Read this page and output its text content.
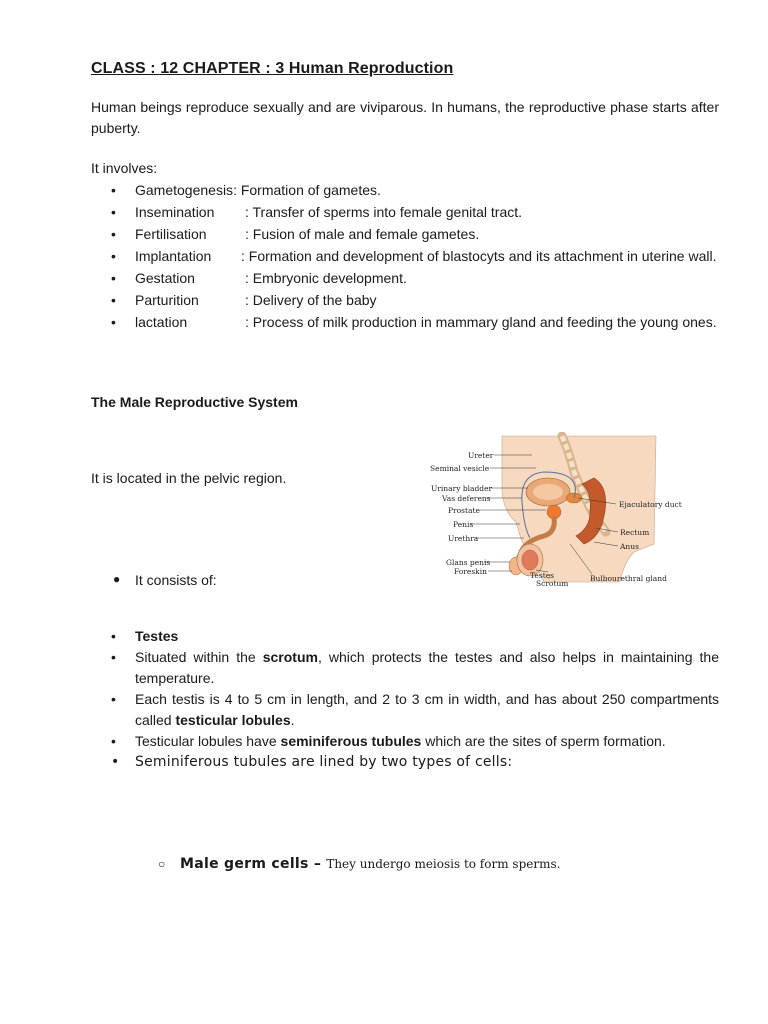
CLASS : 12 CHAPTER : 3 Human Reproduction
Human beings reproduce sexually and are viviparous. In humans, the reproductive phase starts after puberty.
It involves:
• Gametogenesis: Formation of gametes.
• Insemination : Transfer of sperms into female genital tract.
• Fertilisation	: Fusion of male and female gametes.
• Implantation : Formation and development of blastocyts and its attachment in uterine wall.
• Gestation	: Embryonic development.
• Parturition	: Delivery of the baby
• lactation	: Process of milk production in mammary gland and feeding the young ones.
The Male Reproductive System
It is located in the pelvic region.
Ureter
Seminal vesicle
Urinary bladder
Vas deferens
Prostate
Penis
Urethra
Glans penis
Foreskin
Ejaculatory duct
Rectum
Anus
Testes
Scrotum
Bulbourethral gland
● It consists of:
• Testes
• Situated within the scrotum, which protects the testes and also helps in maintaining the temperature.
• Each testis is 4 to 5 cm in length, and 2 to 3 cm in width, and has about 250 compartments called testicular lobules.
• Testicular lobules have seminiferous tubules which are the sites of sperm formation.
• Seminiferous tubules are lined by two types of cells:
○ Male germ cells – They undergo meiosis to form sperms.
